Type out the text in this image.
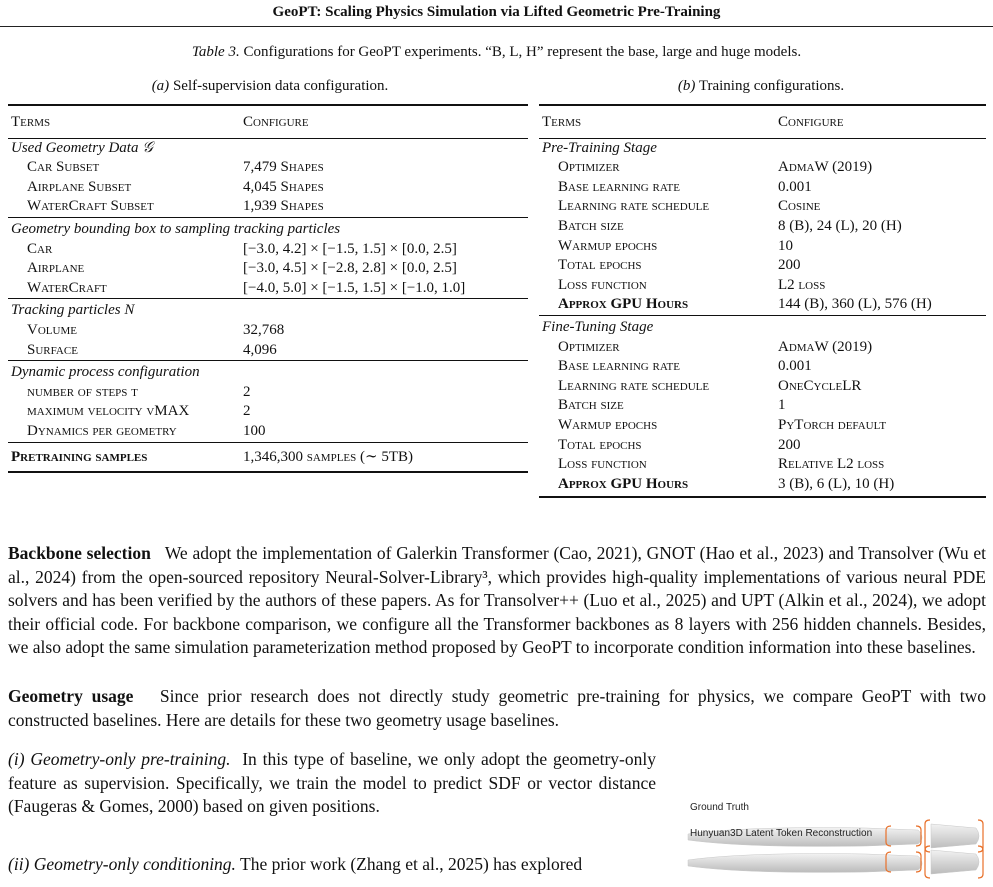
GeoPT: Scaling Physics Simulation via Lifted Geometric Pre-Training
Table 3. Configurations for GeoPT experiments. “B, L, H” represent the base, large and huge models.
(a) Self-supervision data configuration.	(b) Training configurations.
Terms	Configure
Used Geometry Data 𝒢	
Car Subset	7,479 Shapes
Airplane Subset	4,045 Shapes
WaterCraft Subset	1,939 Shapes
Geometry bounding box to sampling tracking particles	
Car	[−3.0, 4.2] × [−1.5, 1.5] × [0.0, 2.5]
Airplane	[−3.0, 4.5] × [−2.8, 2.8] × [0.0, 2.5]
WaterCraft	[−4.0, 5.0] × [−1.5, 1.5] × [−1.0, 1.0]
Tracking particles N	
Volume	32,768
Surface	4,096
Dynamic process configuration	
number of steps τ	2
maximum velocity vMAX	2
Dynamics per geometry	100
Pretraining samples	1,346,300 samples (∼ 5TB)
Terms	Configure
Pre-Training Stage	
Optimizer	AdmaW (2019)
Base learning rate	0.001
Learning rate schedule	Cosine
Batch size	8 (B), 24 (L), 20 (H)
Warmup epochs	10
Total epochs	200
Loss function	L2 loss
Approx GPU Hours	144 (B), 360 (L), 576 (H)
Fine-Tuning Stage	
Optimizer	AdmaW (2019)
Base learning rate	0.001
Learning rate schedule	OneCycleLR
Batch size	1
Warmup epochs	PyTorch default
Total epochs	200
Loss function	Relative L2 loss
Approx GPU Hours	3 (B), 6 (L), 10 (H)
Backbone selection We adopt the implementation of Galerkin Transformer (Cao, 2021), GNOT (Hao et al., 2023) and Transolver (Wu et al., 2024) from the open-sourced repository Neural-Solver-Library³, which provides high-quality implementations of various neural PDE solvers and has been verified by the authors of these papers. As for Transolver++ (Luo et al., 2025) and UPT (Alkin et al., 2024), we adopt their official code. For backbone comparison, we configure all the Transformer backbones as 8 layers with 256 hidden channels. Besides, we also adopt the same simulation parameterization method proposed by GeoPT to incorporate condition information into these baselines.
Geometry usage Since prior research does not directly study geometric pre-training for physics, we compare GeoPT with two constructed baselines. Here are details for these two geometry usage baselines.
(i) Geometry-only pre-training. In this type of baseline, we only adopt the geometry-only feature as supervision. Specifically, we train the model to predict SDF or vector distance (Faugeras & Gomes, 2000) based on given positions.
(ii) Geometry-only conditioning. The prior work (Zhang et al., 2025) has explored
Ground Truth
Hunyuan3D Latent Token Reconstruction
